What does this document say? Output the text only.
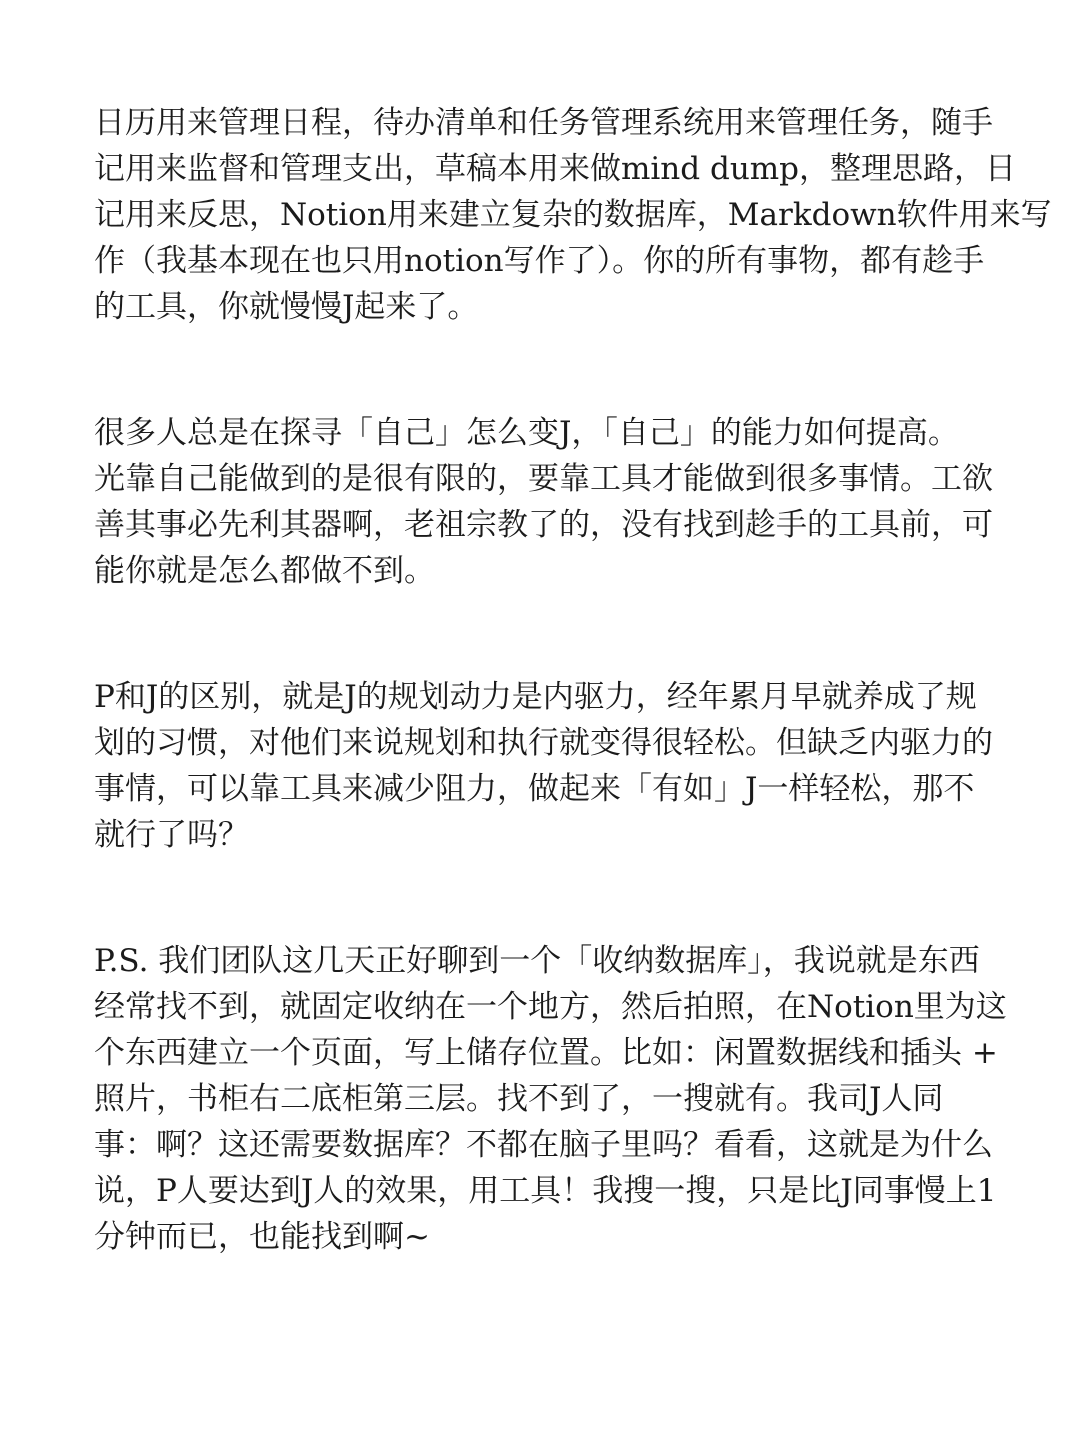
日历用来管理日程，待办清单和任务管理系统用来管理任务，随手
记用来监督和管理支出，草稿本用来做mind dump，整理思路，日
记用来反思，Notion用来建立复杂的数据库，Markdown软件用来写
作（我基本现在也只用notion写作了）。你的所有事物，都有趁手
的工具，你就慢慢J起来了。
很多人总是在探寻「自己」怎么变J，「自己」的能力如何提高。
光靠自己能做到的是很有限的，要靠工具才能做到很多事情。工欲
善其事必先利其器啊，老祖宗教了的，没有找到趁手的工具前，可
能你就是怎么都做不到。
P和J的区别，就是J的规划动力是内驱力，经年累月早就养成了规
划的习惯，对他们来说规划和执行就变得很轻松。但缺乏内驱力的
事情，可以靠工具来减少阻力，做起来「有如」J一样轻松，那不
就行了吗？
P.S. 我们团队这几天正好聊到一个「收纳数据库」，我说就是东西
经常找不到，就固定收纳在一个地方，然后拍照，在Notion里为这
个东西建立一个页面，写上储存位置。比如：闲置数据线和插头 +
照片，书柜右二底柜第三层。找不到了，一搜就有。我司J人同
事：啊？这还需要数据库？不都在脑子里吗？看看，这就是为什么
说，P人要达到J人的效果，用工具！我搜一搜，只是比J同事慢上1
分钟而已，也能找到啊~
